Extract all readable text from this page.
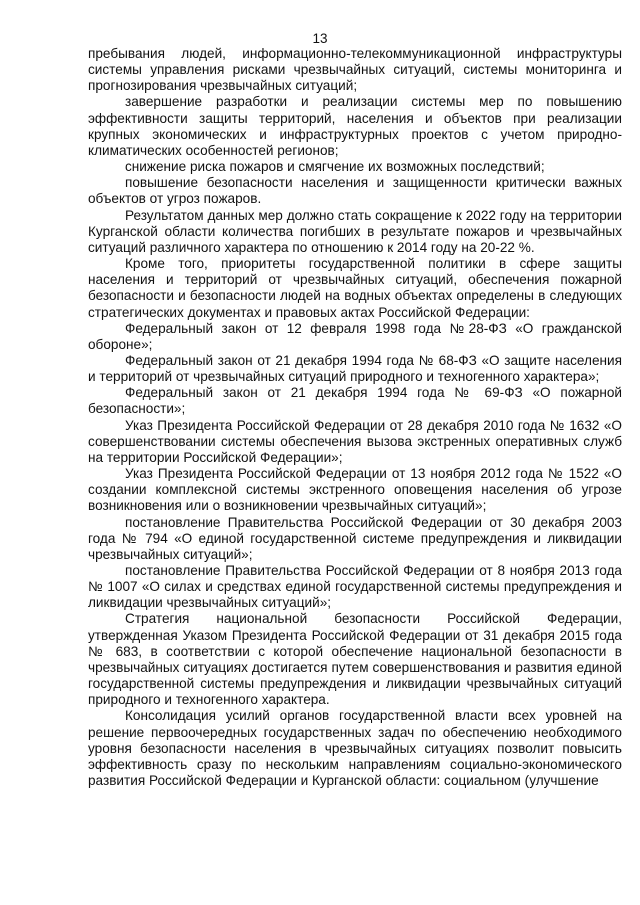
13

пребывания людей, информационно-телекоммуникационной инфраструктуры системы управления рисками чрезвычайных ситуаций, системы мониторинга и прогнозирования чрезвычайных ситуаций;

завершение разработки и реализации системы мер по повышению эффективности защиты территорий, населения и объектов при реализации крупных экономических и инфраструктурных проектов с учетом природно-климатических особенностей регионов;

снижение риска пожаров и смягчение их возможных последствий;

повышение безопасности населения и защищенности критически важных объектов от угроз пожаров.

Результатом данных мер должно стать сокращение к 2022 году на территории Курганской области количества погибших в результате пожаров и чрезвычайных ситуаций различного характера по отношению к 2014 году на 20-22 %.

Кроме того, приоритеты государственной политики в сфере защиты населения и территорий от чрезвычайных ситуаций, обеспечения пожарной безопасности и безопасности людей на водных объектах определены в следующих стратегических документах и правовых актах Российской Федерации:

Федеральный закон от 12 февраля 1998 года №28-ФЗ «О гражданской обороне»;

Федеральный закон от 21 декабря 1994 года № 68-ФЗ «О защите населения и территорий от чрезвычайных ситуаций природного и техногенного характера»;

Федеральный закон от 21 декабря 1994 года № 69-ФЗ «О пожарной безопасности»;

Указ Президента Российской Федерации от 28 декабря 2010 года № 1632 «О совершенствовании системы обеспечения вызова экстренных оперативных служб на территории Российской Федерации»;

Указ Президента Российской Федерации от 13 ноября 2012 года № 1522 «О создании комплексной системы экстренного оповещения населения об угрозе возникновения или о возникновении чрезвычайных ситуаций»;

постановление Правительства Российской Федерации от 30 декабря 2003 года № 794 «О единой государственной системе предупреждения и ликвидации чрезвычайных ситуаций»;

постановление Правительства Российской Федерации от 8 ноября 2013 года № 1007 «О силах и средствах единой государственной системы предупреждения и ликвидации чрезвычайных ситуаций»;

Стратегия национальной безопасности Российской Федерации, утвержденная Указом Президента Российской Федерации от 31 декабря 2015 года № 683, в соответствии с которой обеспечение национальной безопасности в чрезвычайных ситуациях достигается путем совершенствования и развития единой государственной системы предупреждения и ликвидации чрезвычайных ситуаций природного и техногенного характера.

Консолидация усилий органов государственной власти всех уровней на решение первоочередных государственных задач по обеспечению необходимого уровня безопасности населения в чрезвычайных ситуациях позволит повысить эффективность сразу по нескольким направлениям социально-экономического развития Российской Федерации и Курганской области: социальном (улучшение
